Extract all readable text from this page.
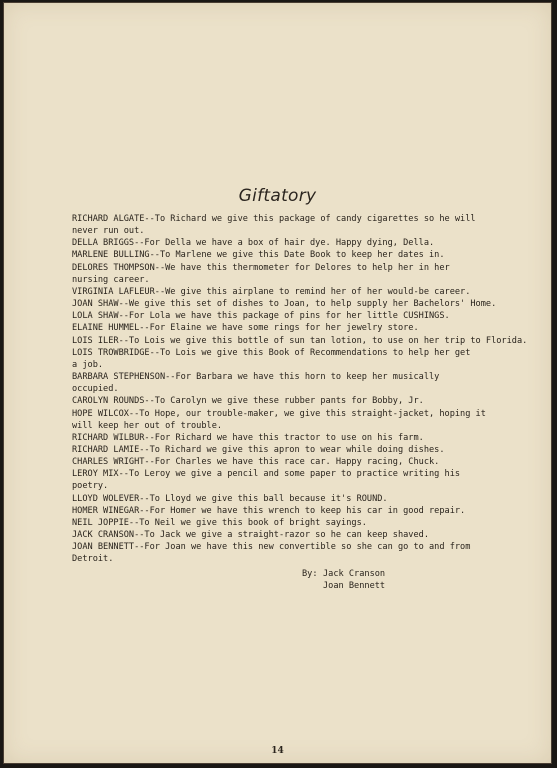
Giftatory
RICHARD ALGATE--To Richard we give this package of candy cigarettes so he will
never run out.
DELLA BRIGGS--For Della we have a box of hair dye. Happy dying, Della.
MARLENE BULLING--To Marlene we give this Date Book to keep her dates in.
DELORES THOMPSON--We have this thermometer for Delores to help her in her
nursing career.
VIRGINIA LAFLEUR--We give this airplane to remind her of her would-be career.
JOAN SHAW--We give this set of dishes to Joan, to help supply her Bachelors' Home.
LOLA SHAW--For Lola we have this package of pins for her little CUSHINGS.
ELAINE HUMMEL--For Elaine we have some rings for her jewelry store.
LOIS ILER--To Lois we give this bottle of sun tan lotion, to use on her trip to Florida.
LOIS TROWBRIDGE--To Lois we give this Book of Recommendations to help her get
a job.
BARBARA STEPHENSON--For Barbara we have this horn to keep her musically
occupied.
CAROLYN ROUNDS--To Carolyn we give these rubber pants for Bobby, Jr.
HOPE WILCOX--To Hope, our trouble-maker, we give this straight-jacket, hoping it
will keep her out of trouble.
RICHARD WILBUR--For Richard we have this tractor to use on his farm.
RICHARD LAMIE--To Richard we give this apron to wear while doing dishes.
CHARLES WRIGHT--For Charles we have this race car. Happy racing, Chuck.
LEROY MIX--To Leroy we give a pencil and some paper to practice writing his
poetry.
LLOYD WOLEVER--To Lloyd we give this ball because it's ROUND.
HOMER WINEGAR--For Homer we have this wrench to keep his car in good repair.
NEIL JOPPIE--To Neil we give this book of bright sayings.
JACK CRANSON--To Jack we give a straight-razor so he can keep shaved.
JOAN BENNETT--For Joan we have this new convertible so she can go to and from
Detroit.
By: Jack Cranson
Joan Bennett
14
